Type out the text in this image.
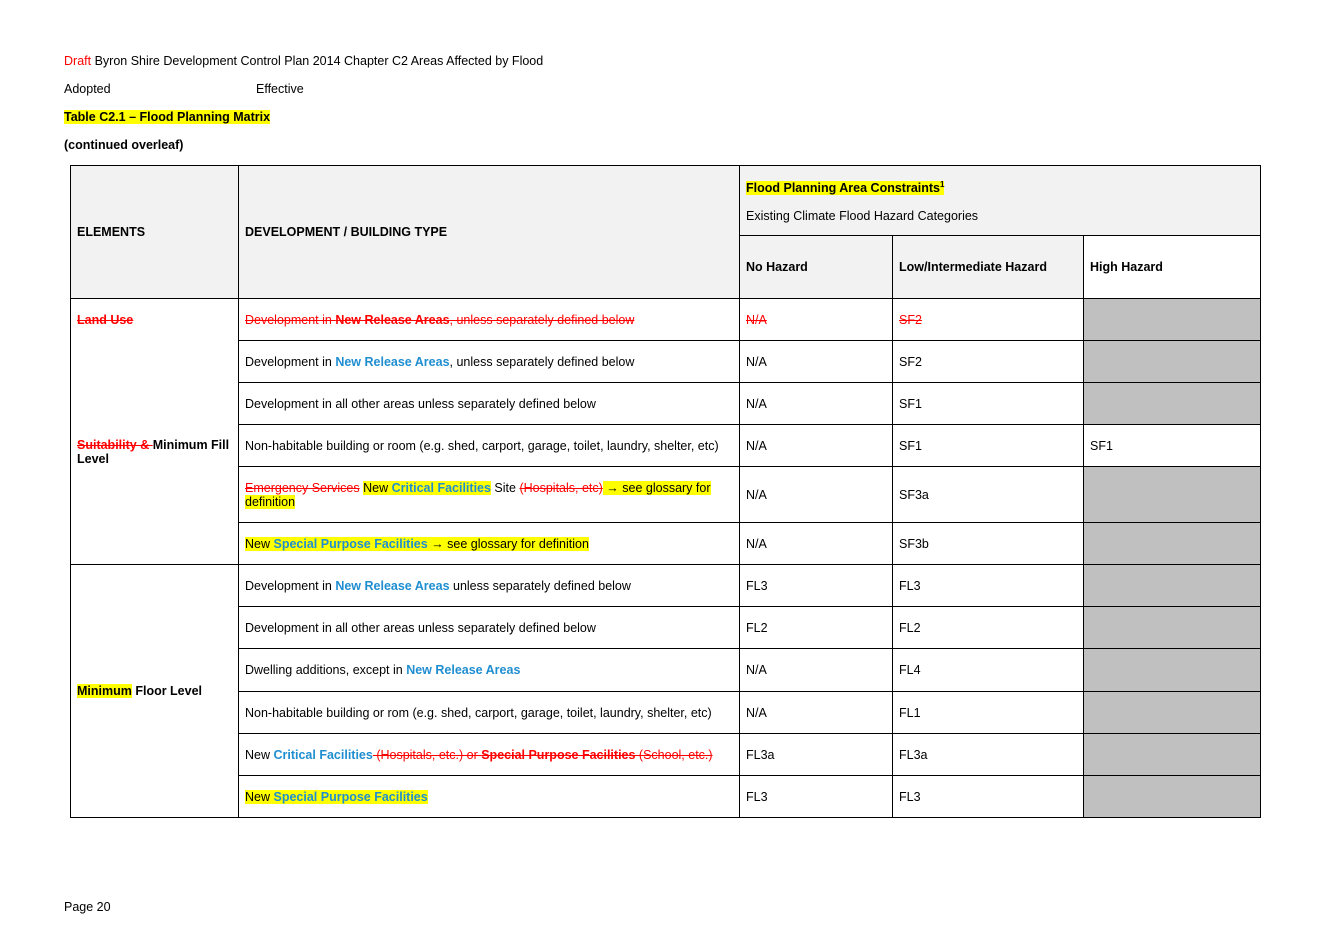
Draft Byron Shire Development Control Plan 2014 Chapter C2 Areas Affected by Flood
Adopted	Effective
Table C2.1 – Flood Planning Matrix
(continued overleaf)
ELEMENTS	DEVELOPMENT / BUILDING TYPE	Flood Planning Area Constraints$^1$
Existing Climate Flood Hazard Categories		

		No Hazard	Low/Intermediate Hazard	High Hazard
Land Use	Development in New Release Areas, unless separately defined below	N/A	SF2	
Suitability & Minimum Fill Level	Development in New Release Areas, unless separately defined below	N/A	SF2	
	Development in all other areas unless separately defined below	N/A	SF1	
	Non-habitable building or room (e.g. shed, carport, garage, toilet, laundry, shelter, etc)	N/A	SF1	SF1
	Emergency Services New Critical Facilities Site (Hospitals, etc) → see glossary for definition	N/A	SF3a	
	New Special Purpose Facilities → see glossary for definition	N/A	SF3b	
Minimum Floor Level	Development in New Release Areas unless separately defined below	FL3	FL3	
	Development in all other areas unless separately defined below	FL2	FL2	
	Dwelling additions, except in New Release Areas	N/A	FL4	
	Non-habitable building or rom (e.g. shed, carport, garage, toilet, laundry, shelter, etc)	N/A	FL1	
	New Critical Facilities (Hospitals, etc.) or Special Purpose Facilities (School, etc.)	FL3a	FL3a	
	New Special Purpose Facilities	FL3	FL3	
Page 20
